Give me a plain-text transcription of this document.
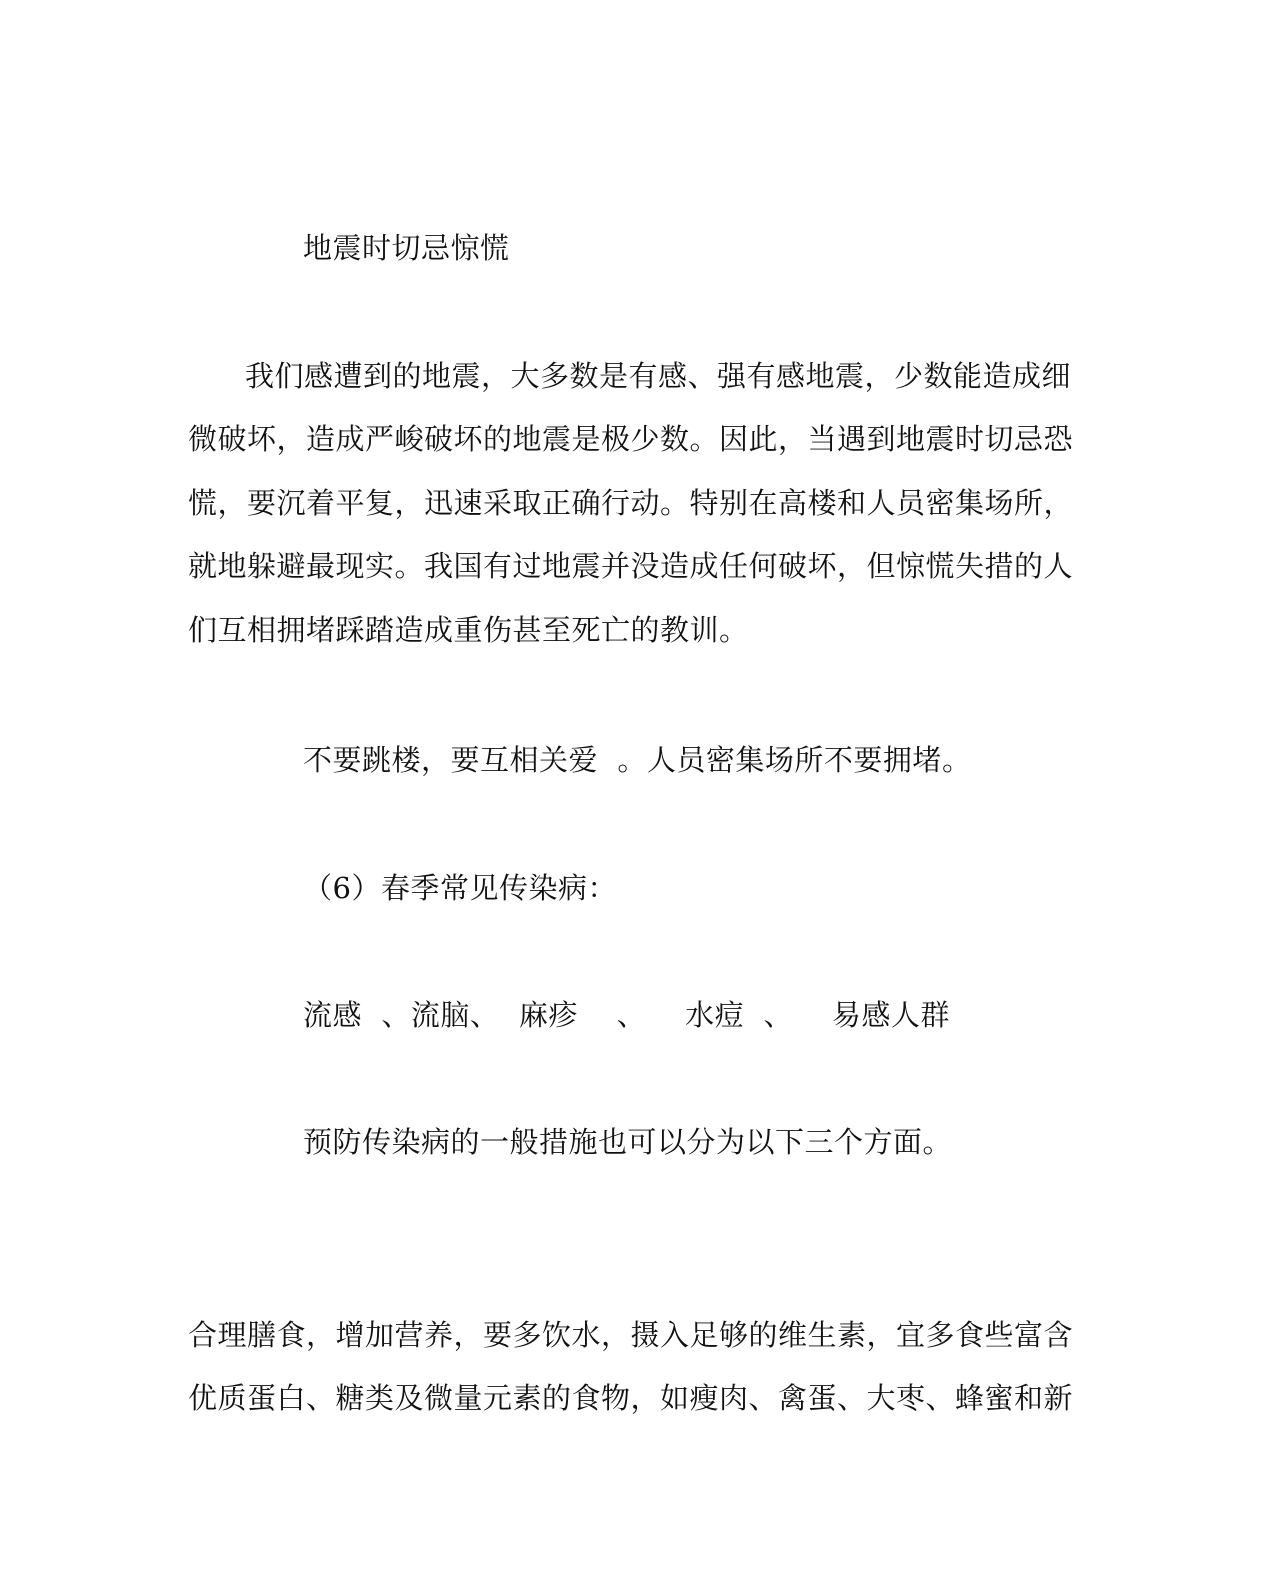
地震时切忌惊慌
我们感遭到的地震，大多数是有感、强有感地震，少数能造成细
微破坏，造成严峻破坏的地震是极少数。因此，当遇到地震时切忌恐
慌，要沉着平复，迅速采取正确行动。特别在高楼和人员密集场所，
就地躲避最现实。我国有过地震并没造成任何破坏，但惊慌失措的人
们互相拥堵踩踏造成重伤甚至死亡的教训。
不要跳楼，要互相关爱  。人员密集场所不要拥堵。
（6）春季常见传染病：
流感  、流脑、  麻疹    、    水痘  、    易感人群
预防传染病的一般措施也可以分为以下三个方面。
合理膳食，增加营养，要多饮水，摄入足够的维生素，宜多食些富含
优质蛋白、糖类及微量元素的食物，如瘦肉、禽蛋、大枣、蜂蜜和新
